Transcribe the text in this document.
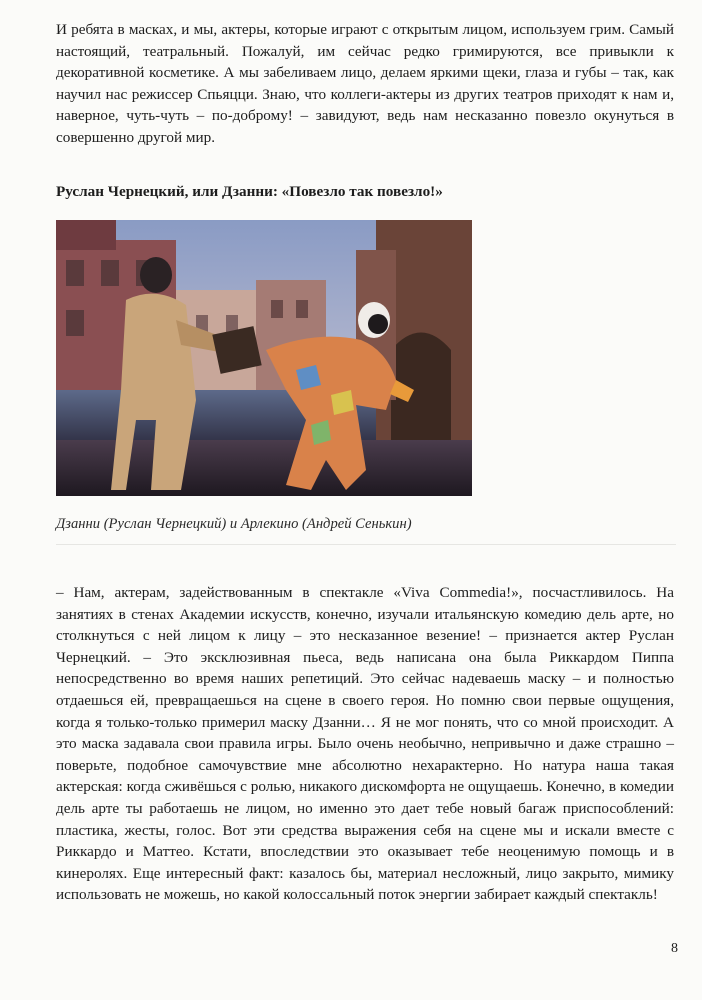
И ребята в масках, и мы, актеры, которые играют с открытым лицом, используем грим. Самый настоящий, театральный. Пожалуй, им сейчас редко гримируются, все привыкли к декоративной косметике. А мы забеливаем лицо, делаем яркими щеки, глаза и губы – так, как научил нас режиссер Спьяцци. Знаю, что коллеги-актеры из других театров приходят к нам и, наверное, чуть-чуть – по-доброму! – завидуют, ведь нам несказанно повезло окунуться в совершенно другой мир.

Руслан Чернецкий, или Дзанни: «Повезло так повезло!»

Дзанни (Руслан Чернецкий) и Арлекино (Андрей Сенькин)

– Нам, актерам, задействованным в спектакле «Viva Commedia!», посчастливилось. На занятиях в стенах Академии искусств, конечно, изучали итальянскую комедию дель арте, но столкнуться с ней лицом к лицу – это несказанное везение! – признается актер Руслан Чернецкий. – Это эксклюзивная пьеса, ведь написана она была Риккардом Пиппа непосредственно во время наших репетиций. Это сейчас надеваешь маску – и полностью отдаешься ей, превращаешься на сцене в своего героя. Но помню свои первые ощущения, когда я только-только примерил маску Дзанни… Я не мог понять, что со мной происходит. А это маска задавала свои правила игры. Было очень необычно, непривычно и даже страшно – поверьте, подобное самочувствие мне абсолютно нехарактерно. Но натура наша такая актерская: когда сживёшься с ролью, никакого дискомфорта не ощущаешь. Конечно, в комедии дель арте ты работаешь не лицом, но именно это дает тебе новый багаж приспособлений: пластика, жесты, голос. Вот эти средства выражения себя на сцене мы и искали вместе с Риккардо и Маттео. Кстати, впоследствии это оказывает тебе неоценимую помощь и в кинеролях. Еще интересный факт: казалось бы, материал несложный, лицо закрыто, мимику использовать не можешь, но какой колоссальный поток энергии забирает каждый спектакль!

8
